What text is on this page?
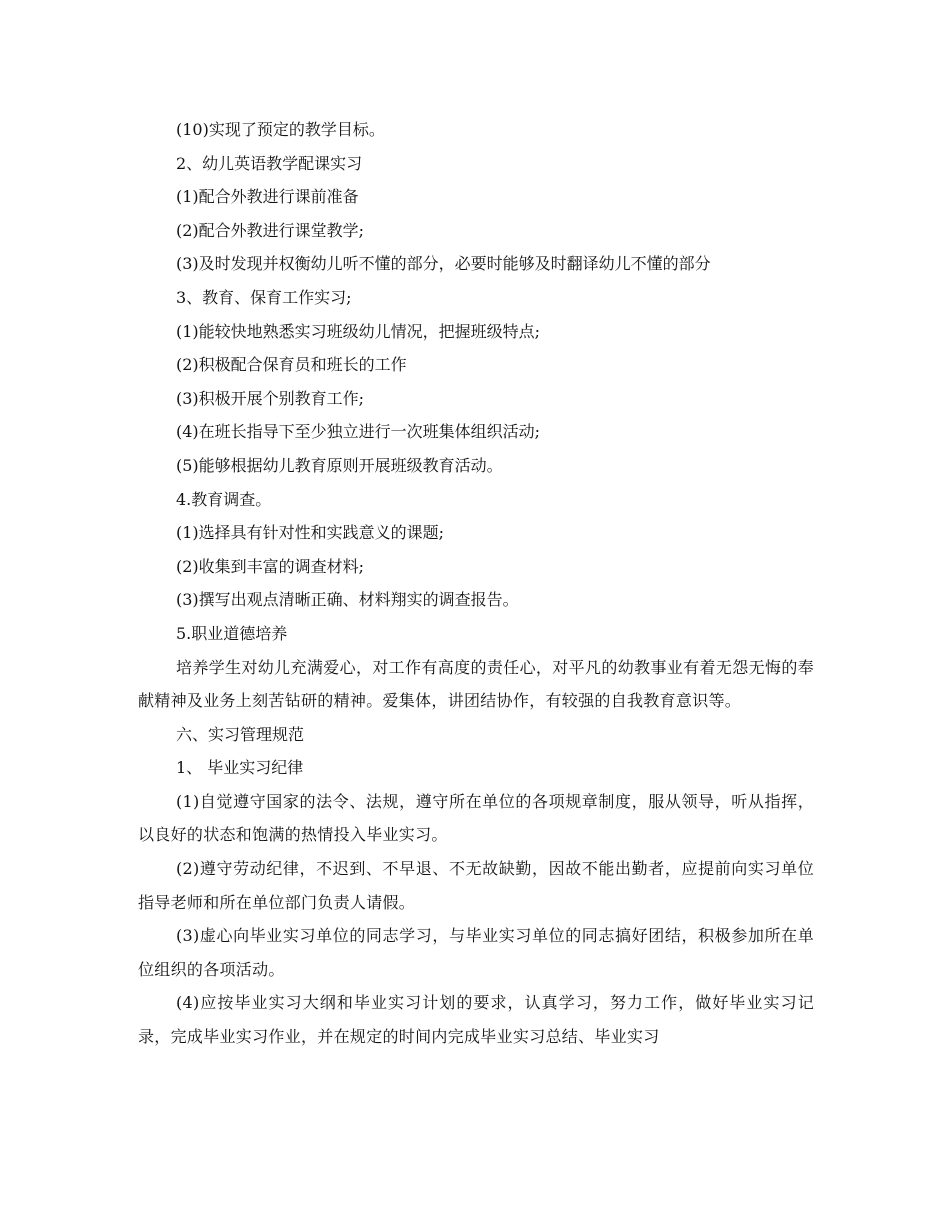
(10)实现了预定的教学目标。

2、幼儿英语教学配课实习

(1)配合外教进行课前准备

(2)配合外教进行课堂教学;

(3)及时发现并权衡幼儿听不懂的部分，必要时能够及时翻译幼儿不懂的部分

3、教育、保育工作实习;

(1)能较快地熟悉实习班级幼儿情况，把握班级特点;

(2)积极配合保育员和班长的工作

(3)积极开展个别教育工作;

(4)在班长指导下至少独立进行一次班集体组织活动;

(5)能够根据幼儿教育原则开展班级教育活动。

4.教育调查。

(1)选择具有针对性和实践意义的课题;

(2)收集到丰富的调查材料;

(3)撰写出观点清晰正确、材料翔实的调查报告。

5.职业道德培养

培养学生对幼儿充满爱心，对工作有高度的责任心，对平凡的幼教事业有着无怨无悔的奉献精神及业务上刻苦钻研的精神。爱集体，讲团结协作，有较强的自我教育意识等。

六、实习管理规范

1、 毕业实习纪律

(1)自觉遵守国家的法令、法规，遵守所在单位的各项规章制度，服从领导，听从指挥，以良好的状态和饱满的热情投入毕业实习。

(2)遵守劳动纪律，不迟到、不早退、不无故缺勤，因故不能出勤者，应提前向实习单位指导老师和所在单位部门负责人请假。

(3)虚心向毕业实习单位的同志学习，与毕业实习单位的同志搞好团结，积极参加所在单位组织的各项活动。

(4)应按毕业实习大纲和毕业实习计划的要求，认真学习，努力工作，做好毕业实习记录，完成毕业实习作业，并在规定的时间内完成毕业实习总结、毕业实习
